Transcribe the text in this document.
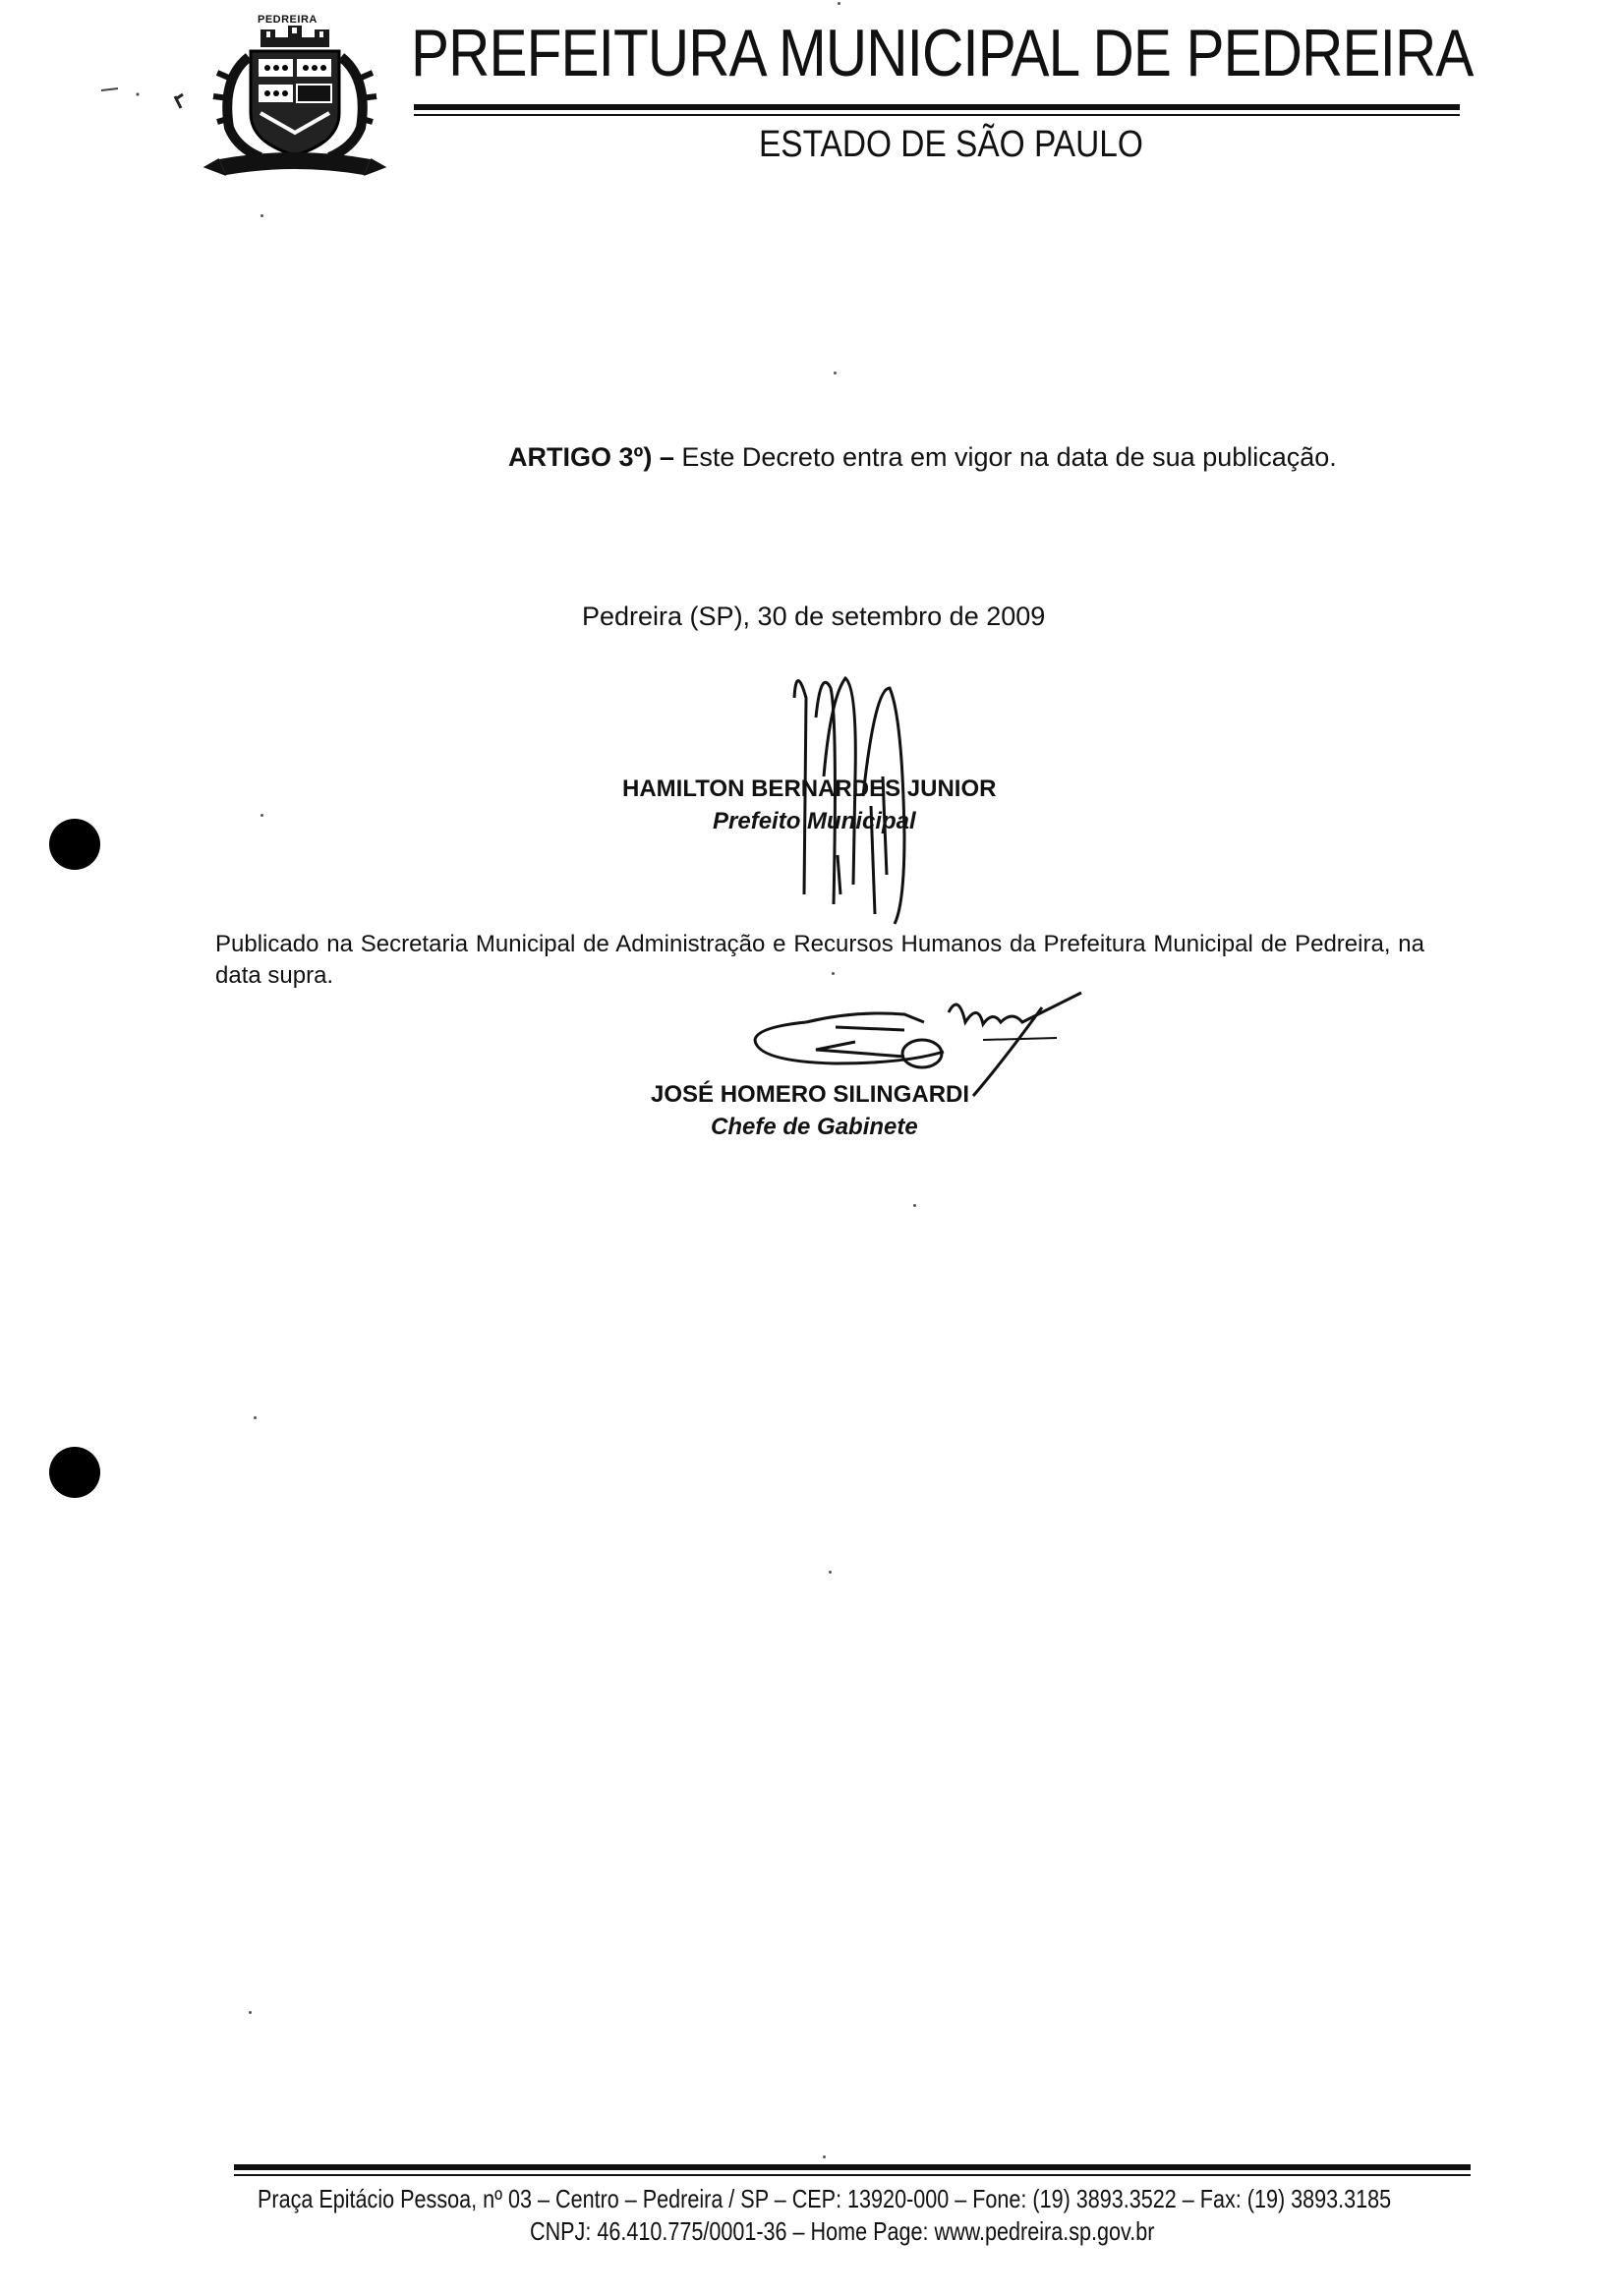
PEDREIRA PREFEITURA MUNICIPAL DE PEDREIRA
ESTADO DE SÃO PAULO
ARTIGO 3º) – Este Decreto entra em vigor na data de sua publicação.
Pedreira (SP), 30 de setembro de 2009
HAMILTON BERNARDES JUNIOR
Prefeito Municipal
Publicado na Secretaria Municipal de Administração e Recursos Humanos da Prefeitura Municipal de Pedreira, na data supra.
JOSÉ HOMERO SILINGARDI
Chefe de Gabinete
Praça Epitácio Pessoa, nº 03 – Centro – Pedreira / SP – CEP: 13920-000 – Fone: (19) 3893.3522 – Fax: (19) 3893.3185
CNPJ: 46.410.775/0001-36 – Home Page: www.pedreira.sp.gov.br
